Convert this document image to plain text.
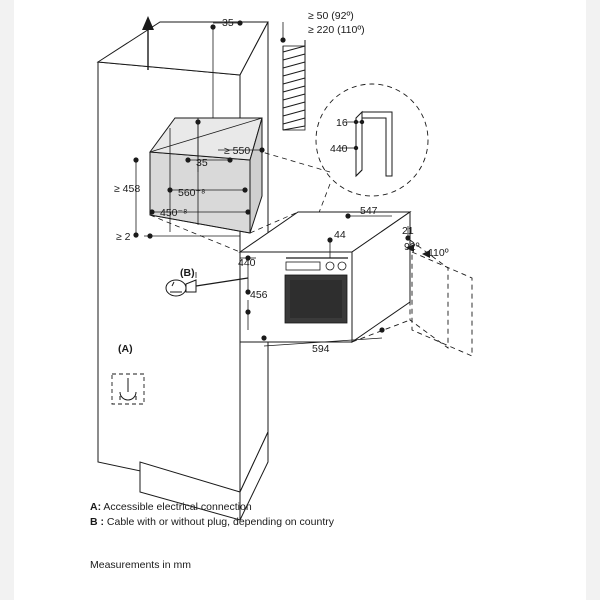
35
≥ 50 (92º)
≥ 220 (110º)
≥ 550
35
≥ 458	560⁺⁸
450⁻⁸
≥ 2
16
440
547
44	21
92º 110º
440
456
594
(A)
(B)
A: Accessible electrical connection
B : Cable with or without plug, depending on country
Measurements in mm
